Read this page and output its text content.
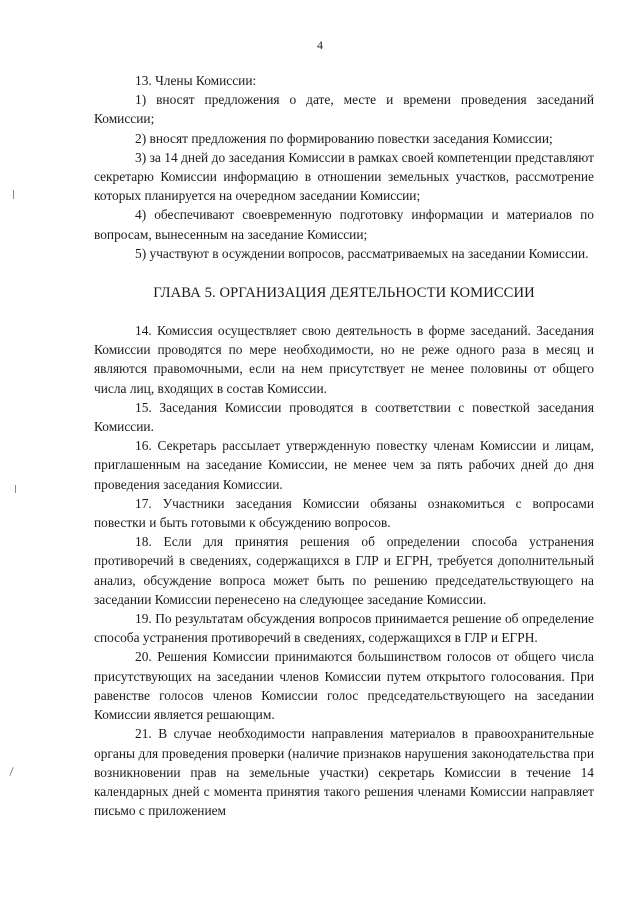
4

13. Члены Комиссии:

1) вносят предложения о дате, месте и времени проведения заседаний Комиссии;

2) вносят предложения по формированию повестки заседания Комиссии;

3) за 14 дней до заседания Комиссии в рамках своей компетенции представляют секретарю Комиссии информацию в отношении земельных участков, рассмотрение которых планируется на очередном заседании Комиссии;

4) обеспечивают своевременную подготовку информации и материалов по вопросам, вынесенным на заседание Комиссии;

5) участвуют в осуждении вопросов, рассматриваемых на заседании Комиссии.

ГЛАВА 5. ОРГАНИЗАЦИЯ ДЕЯТЕЛЬНОСТИ КОМИССИИ

14. Комиссия осуществляет свою деятельность в форме заседаний. Заседания Комиссии проводятся по мере необходимости, но не реже одного раза в месяц и являются правомочными, если на нем присутствует не менее половины от общего числа лиц, входящих в состав Комиссии.

15. Заседания Комиссии проводятся в соответствии с повесткой заседания Комиссии.

16. Секретарь рассылает утвержденную повестку членам Комиссии и лицам, приглашенным на заседание Комиссии, не менее чем за пять рабочих дней до дня проведения заседания Комиссии.

17. Участники заседания Комиссии обязаны ознакомиться с вопросами повестки и быть готовыми к обсуждению вопросов.

18. Если для принятия решения об определении способа устранения противоречий в сведениях, содержащихся в ГЛР и ЕГРН, требуется дополнительный анализ, обсуждение вопроса может быть по решению председательствующего на заседании Комиссии перенесено на следующее заседание Комиссии.

19. По результатам обсуждения вопросов принимается решение об определение способа устранения противоречий в сведениях, содержащихся в ГЛР и ЕГРН.

20. Решения Комиссии принимаются большинством голосов от общего числа присутствующих на заседании членов Комиссии путем открытого голосования. При равенстве голосов членов Комиссии голос председательствующего на заседании Комиссии является решающим.

21. В случае необходимости направления материалов в правоохранительные органы для проведения проверки (наличие признаков нарушения законодательства при возникновении прав на земельные участки) секретарь Комиссии в течение 14 календарных дней с момента принятия такого решения членами Комиссии направляет письмо с приложением
